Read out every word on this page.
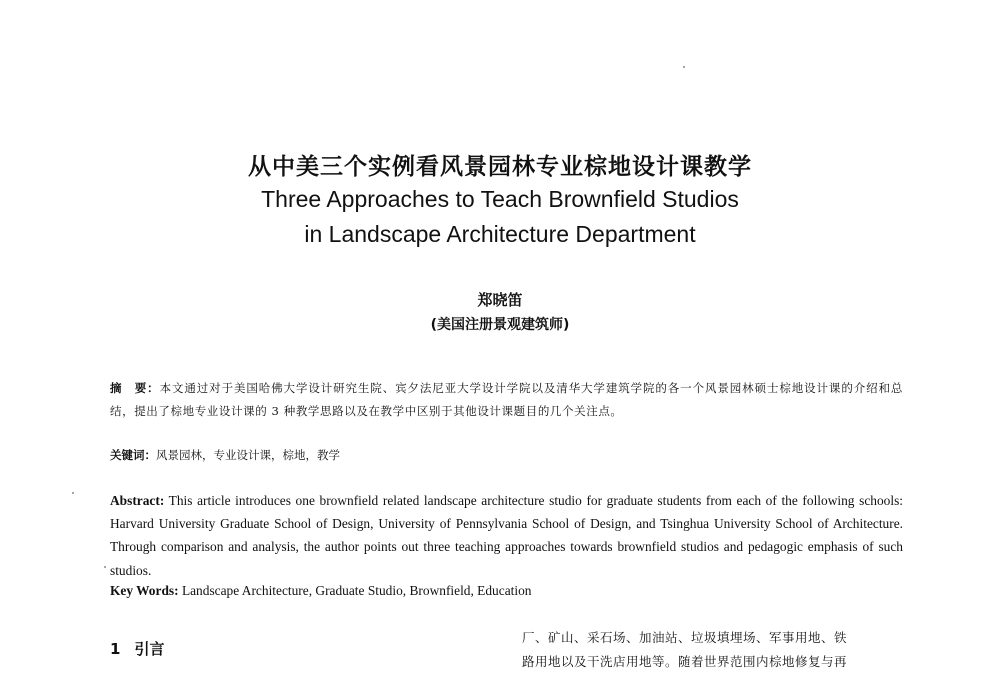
从中美三个实例看风景园林专业棕地设计课教学
Three Approaches to Teach Brownfield Studios
in Landscape Architecture Department
郑晓笛
(美国注册景观建筑师)
摘　要：本文通过对于美国哈佛大学设计研究生院、宾夕法尼亚大学设计学院以及清华大学建筑学院的各一个风景园林硕士棕地设计课的介绍和总结，提出了棕地专业设计课的 3 种教学思路以及在教学中区别于其他设计课题目的几个关注点。
关键词：风景园林，专业设计课，棕地，教学
Abstract: This article introduces one brownfield related landscape architecture studio for graduate students from each of the following schools: Harvard University Graduate School of Design, University of Pennsylvania School of Design, and Tsinghua University School of Architecture. Through comparison and analysis, the author points out three teaching approaches towards brownfield studios and pedagogic emphasis of such studios.
Key Words: Landscape Architecture, Graduate Studio, Brownfield, Education
1 引言
厂、矿山、采石场、加油站、垃圾填埋场、军事用地、铁
路用地以及干洗店用地等。随着世界范围内棕地修复与再
